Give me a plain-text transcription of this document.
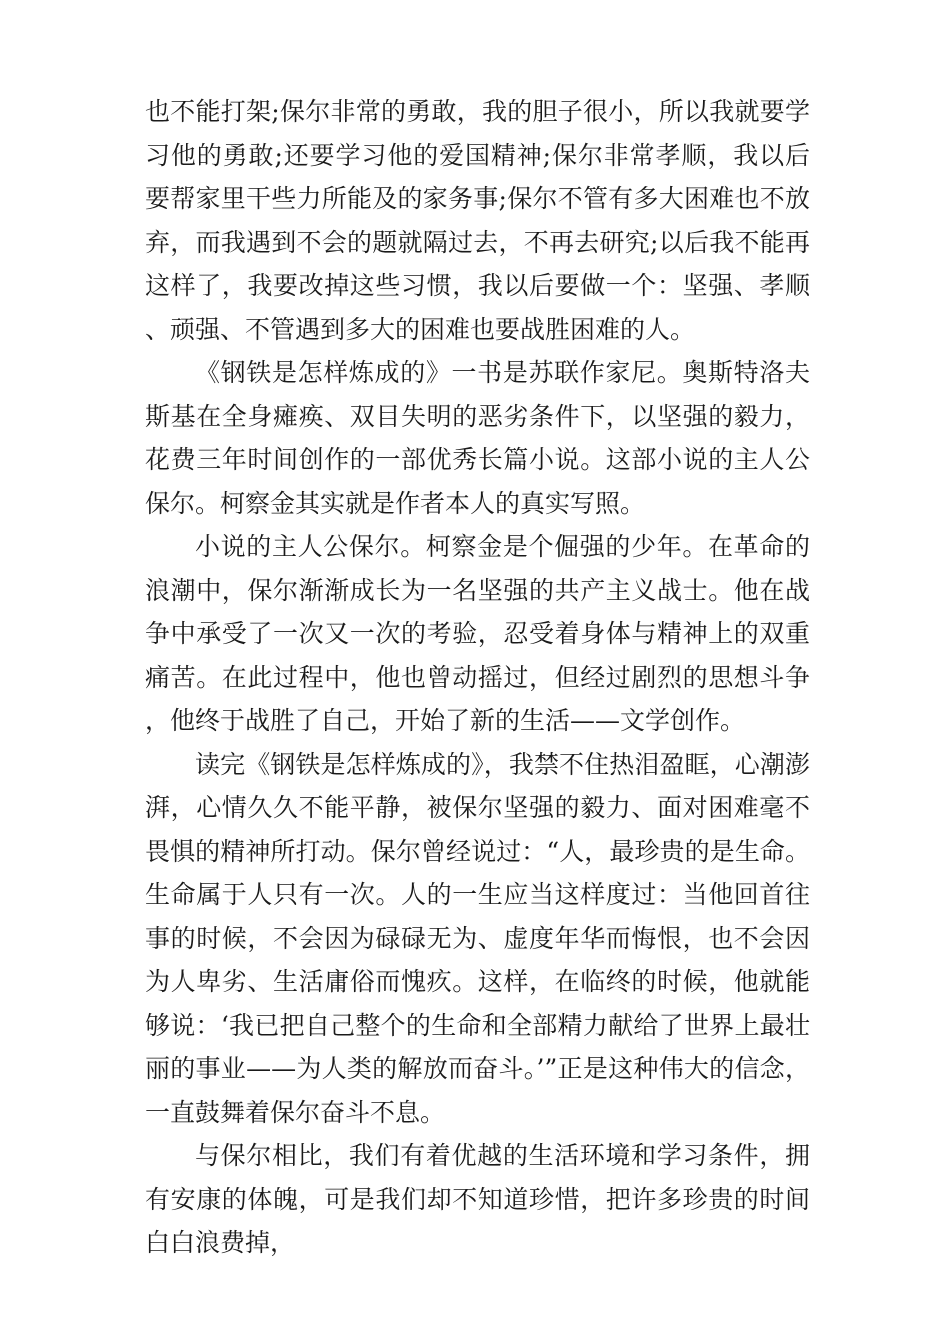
也不能打架;保尔非常的勇敢，我的胆子很小，所以我就要学习他的勇敢;还要学习他的爱国精神;保尔非常孝顺，我以后要帮家里干些力所能及的家务事;保尔不管有多大困难也不放弃，而我遇到不会的题就隔过去，不再去研究;以后我不能再这样了，我要改掉这些习惯，我以后要做一个：坚强、孝顺、顽强、不管遇到多大的困难也要战胜困难的人。

《钢铁是怎样炼成的》一书是苏联作家尼。奥斯特洛夫斯基在全身瘫痪、双目失明的恶劣条件下，以坚强的毅力，花费三年时间创作的一部优秀长篇小说。这部小说的主人公保尔。柯察金其实就是作者本人的真实写照。

小说的主人公保尔。柯察金是个倔强的少年。在革命的浪潮中，保尔渐渐成长为一名坚强的共产主义战士。他在战争中承受了一次又一次的考验，忍受着身体与精神上的双重痛苦。在此过程中，他也曾动摇过，但经过剧烈的思想斗争，他终于战胜了自己，开始了新的生活——文学创作。

读完《钢铁是怎样炼成的》，我禁不住热泪盈眶，心潮澎湃，心情久久不能平静，被保尔坚强的毅力、面对困难毫不畏惧的精神所打动。保尔曾经说过：“人，最珍贵的是生命。生命属于人只有一次。人的一生应当这样度过：当他回首往事的时候，不会因为碌碌无为、虚度年华而悔恨，也不会因为人卑劣、生活庸俗而愧疚。这样，在临终的时候，他就能够说：‘我已把自己整个的生命和全部精力献给了世界上最壮丽的事业——为人类的解放而奋斗。’”正是这种伟大的信念，一直鼓舞着保尔奋斗不息。

与保尔相比，我们有着优越的生活环境和学习条件，拥有安康的体魄，可是我们却不知道珍惜，把许多珍贵的时间白白浪费掉，
